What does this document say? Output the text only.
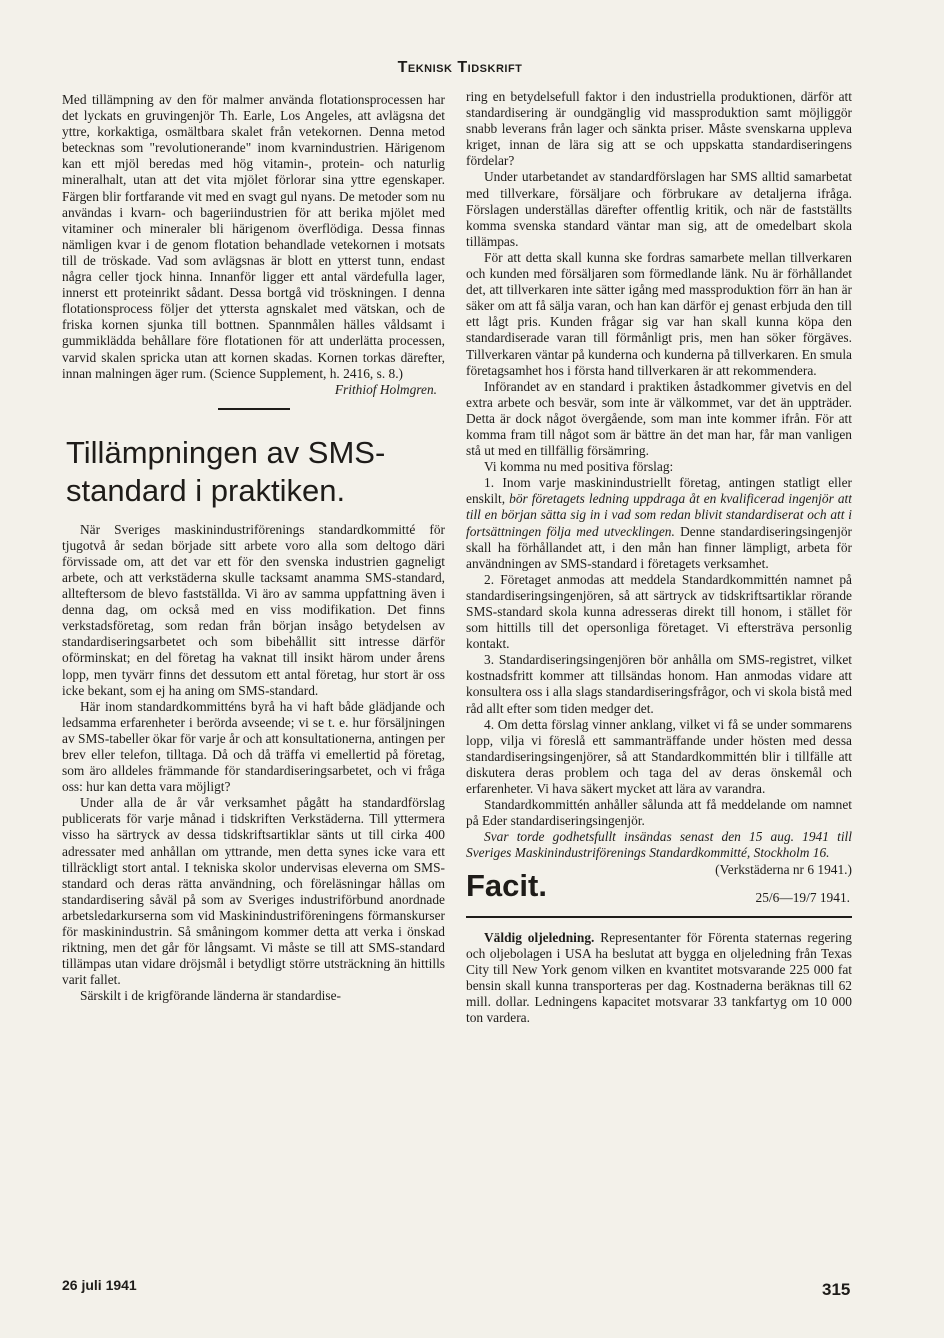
Teknisk Tidskrift

Med tillämpning av den för malmer använda flotationsprocessen har det lyckats en gruvingenjör Th. Earle, Los Angeles, att avlägsna det yttre, korkaktiga, osmältbara skalet från vetekornen. Denna metod betecknas som "revolutionerande" inom kvarnindustrien. Härigenom kan ett mjöl beredas med hög vitamin-, protein- och naturlig mineralhalt, utan att det vita mjölet förlorar sina yttre egenskaper. Färgen blir fortfarande vit med en svagt gul nyans. De metoder som nu användas i kvarn- och bageriindustrien för att berika mjölet med vitaminer och mineraler bli härigenom överflödiga. Dessa finnas nämligen kvar i de genom flotation behandlade vetekornen i motsats till de tröskade. Vad som avlägsnas är blott en ytterst tunn, endast några celler tjock hinna. Innanför ligger ett antal värdefulla lager, innerst ett proteinrikt sådant. Dessa bortgå vid tröskningen. I denna flotationsprocess följer det yttersta agnskalet med vätskan, och de friska kornen sjunka till bottnen. Spannmålen hälles våldsamt i gummiklädda behållare före flotationen för att underlätta processen, varvid skalen spricka utan att kornen skadas. Kornen torkas därefter, innan malningen äger rum. (Science Supplement, h. 2416, s. 8.)

Frithiof Holmgren.

Tillämpningen av SMS-standard i praktiken.

När Sveriges maskinindustriförenings standardkommitté för tjugotvå år sedan började sitt arbete voro alla som deltogo däri förvissade om, att det var ett för den svenska industrien gagneligt arbete, och att verkstäderna skulle tacksamt anamma SMS-standard, allteftersom de blevo fastställda. Vi äro av samma uppfattning även i denna dag, om också med en viss modifikation. Det finns verkstadsföretag, som redan från början insågo betydelsen av standardiseringsarbetet och som bibehållit sitt intresse därför oförminskat; en del företag ha vaknat till insikt härom under årens lopp, men tyvärr finns det dessutom ett antal företag, hur stort är oss icke bekant, som ej ha aning om SMS-standard.

Här inom standardkommitténs byrå ha vi haft både glädjande och ledsamma erfarenheter i berörda avseende; vi se t. e. hur försäljningen av SMS-tabeller ökar för varje år och att konsultationerna, antingen per brev eller telefon, tilltaga. Då och då träffa vi emellertid på företag, som äro alldeles främmande för standardiseringsarbetet, och vi fråga oss: hur kan detta vara möjligt?

Under alla de år vår verksamhet pågått ha standardförslag publicerats för varje månad i tidskriften Verkstäderna. Till yttermera visso ha särtryck av dessa tidskriftsartiklar sänts ut till cirka 400 adressater med anhållan om yttrande, men detta synes icke vara ett tillräckligt stort antal. I tekniska skolor undervisas eleverna om SMS-standard och deras rätta användning, och föreläsningar hållas om standardisering såväl på som av Sveriges industriförbund anordnade arbetsledarkurserna som vid Maskinindustriföreningens förmanskurser för maskinindustrin. Så småningom kommer detta att verka i önskad riktning, men det går för långsamt. Vi måste se till att SMS-standard tillämpas utan vidare dröjsmål i betydligt större utsträckning än hittills varit fallet.

Särskilt i de krigförande länderna är standardise-

ring en betydelsefull faktor i den industriella produktionen, därför att standardisering är oundgänglig vid massproduktion samt möjliggör snabb leverans från lager och sänkta priser. Måste svenskarna uppleva kriget, innan de lära sig att se och uppskatta standardiseringens fördelar?

Under utarbetandet av standardförslagen har SMS alltid samarbetat med tillverkare, försäljare och förbrukare av detaljerna ifråga. Förslagen underställas därefter offentlig kritik, och när de fastställts komma svenska standard väntar man sig, att de omedelbart skola tillämpas.

För att detta skall kunna ske fordras samarbete mellan tillverkaren och kunden med försäljaren som förmedlande länk. Nu är förhållandet det, att tillverkaren inte sätter igång med massproduktion förr än han är säker om att få sälja varan, och han kan därför ej genast erbjuda den till ett lågt pris. Kunden frågar sig var han skall kunna köpa den standardiserade varan till förmånligt pris, men han söker förgäves. Tillverkaren väntar på kunderna och kunderna på tillverkaren. En smula företagsamhet hos i första hand tillverkaren är att rekommendera.

Införandet av en standard i praktiken åstadkommer givetvis en del extra arbete och besvär, som inte är välkommet, var det än uppträder. Detta är dock något övergående, som man inte kommer ifrån. För att komma fram till något som är bättre än det man har, får man vanligen stå ut med en tillfällig försämring.

Vi komma nu med positiva förslag:

1. Inom varje maskinindustriellt företag, antingen statligt eller enskilt, bör företagets ledning uppdraga åt en kvalificerad ingenjör att till en början sätta sig in i vad som redan blivit standardiserat och att i fortsättningen följa med utvecklingen. Denne standardiseringsingenjör skall ha förhållandet att, i den mån han finner lämpligt, arbeta för användningen av SMS-standard i företagets verksamhet.

2. Företaget anmodas att meddela Standardkommittén namnet på standardiseringsingenjören, så att särtryck av tidskriftsartiklar rörande SMS-standard skola kunna adresseras direkt till honom, i stället för som hittills till det opersonliga företaget. Vi eftersträva personlig kontakt.

3. Standardiseringsingenjören bör anhålla om SMS-registret, vilket kostnadsfritt kommer att tillsändas honom. Han anmodas vidare att konsultera oss i alla slags standardiseringsfrågor, och vi skola bistå med råd allt efter som tiden medger det.

4. Om detta förslag vinner anklang, vilket vi få se under sommarens lopp, vilja vi föreslå ett sammanträffande under hösten med dessa standardiseringsingenjörer, så att Standardkommittén blir i tillfälle att diskutera deras problem och taga del av deras önskemål och erfarenheter. Vi hava säkert mycket att lära av varandra.

Standardkommittén anhåller sålunda att få meddelande om namnet på Eder standardiseringsingenjör.

Svar torde godhetsfullt insändas senast den 15 aug. 1941 till Sveriges Maskinindustriförenings Standardkommitté, Stockholm 16.
(Verkstäderna nr 6 1941.)

Facit.	25/6—19/7 1941.

Väldig oljeledning. Representanter för Förenta staternas regering och oljebolagen i USA ha beslutat att bygga en oljeledning från Texas City till New York genom vilken en kvantitet motsvarande 225 000 fat bensin skall kunna transporteras per dag. Kostnaderna beräknas till 62 mill. dollar. Ledningens kapacitet motsvarar 33 tankfartyg om 10 000 ton vardera.

26 juli 1941	315
